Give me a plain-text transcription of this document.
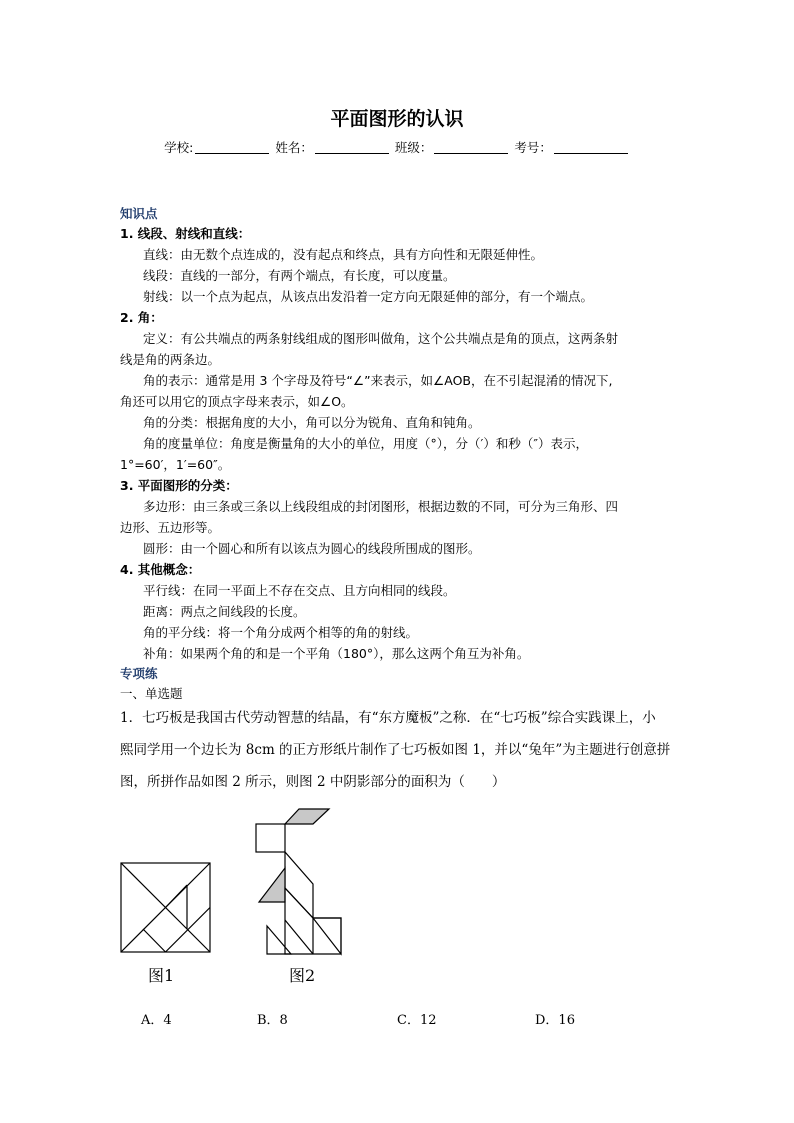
平面图形的认识
学校:	姓名：	班级：	考号：
知识点
1. 线段、射线和直线：
直线：由无数个点连成的，没有起点和终点，具有方向性和无限延伸性。
线段：直线的一部分，有两个端点，有长度，可以度量。
射线：以一个点为起点，从该点出发沿着一定方向无限延伸的部分，有一个端点。
2. 角：
定义：有公共端点的两条射线组成的图形叫做角，这个公共端点是角的顶点，这两条射
线是角的两条边。
角的表示：通常是用 3 个字母及符号“∠”来表示，如∠AOB，在不引起混淆的情况下,
角还可以用它的顶点字母来表示，如∠O。
角的分类：根据角度的大小，角可以分为锐角、直角和钝角。
角的度量单位：角度是衡量角的大小的单位，用度（°），分（′）和秒（″）表示，
1°=60′，1′=60″。
3. 平面图形的分类：
多边形：由三条或三条以上线段组成的封闭图形，根据边数的不同，可分为三角形、四
边形、五边形等。
圆形：由一个圆心和所有以该点为圆心的线段所围成的图形。
4. 其他概念：
平行线：在同一平面上不存在交点、且方向相同的线段。
距离：两点之间线段的长度。
角的平分线：将一个角分成两个相等的角的射线。
补角：如果两个角的和是一个平角（180°），那么这两个角互为补角。
专项练
一、单选题
1．七巧板是我国古代劳动智慧的结晶，有“东方魔板”之称．在“七巧板”综合实践课上，小
熙同学用一个边长为 8cm 的正方形纸片制作了七巧板如图 1，并以“兔年”为主题进行创意拼
图，所拼作品如图 2 所示，则图 2 中阴影部分的面积为（　　）
图1	图2
A．4	B．8	C．12	D．16
